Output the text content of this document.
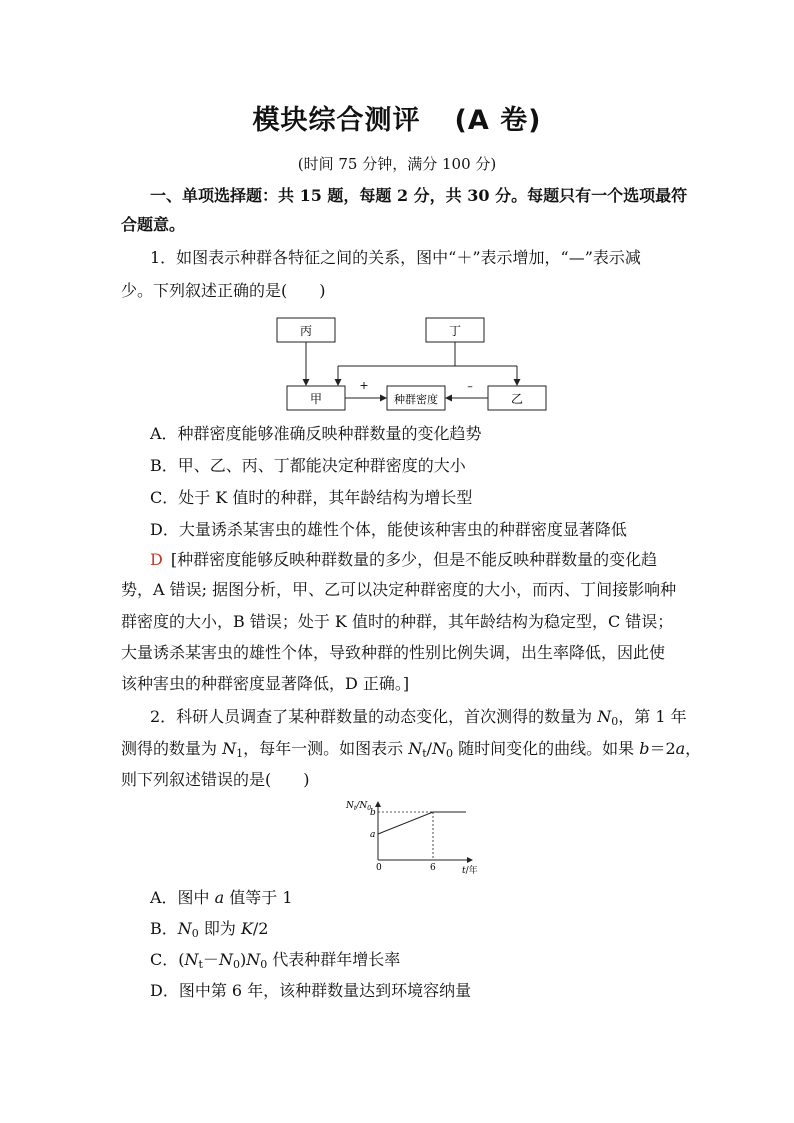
模块综合测评 (A 卷)
(时间 75 分钟，满分 100 分)
一、单项选择题：共 15 题，每题 2 分，共 30 分。每题只有一个选项最符
合题意。
1．如图表示种群各特征之间的关系，图中“＋”表示增加，“—”表示减
少。下列叙述正确的是(　　)
丙	丁
甲	种群密度	乙
+	–
A．种群密度能够准确反映种群数量的变化趋势
B．甲、乙、丙、丁都能决定种群密度的大小
C．处于 K 值时的种群，其年龄结构为增长型
D．大量诱杀某害虫的雄性个体，能使该种害虫的种群密度显著降低
D  [种群密度能够反映种群数量的多少，但是不能反映种群数量的变化趋
势，A 错误; 据图分析，甲、乙可以决定种群密度的大小，而丙、丁间接影响种
群密度的大小，B 错误；处于 K 值时的种群，其年龄结构为稳定型，C 错误；
大量诱杀某害虫的雄性个体，导致种群的性别比例失调，出生率降低，因此使
该种害虫的种群密度显著降低，D 正确。]
2．科研人员调查了某种群数量的动态变化，首次测得的数量为 $N_0$，第 1 年
测得的数量为 $N_1$，每年一测。如图表示 $N_t/N_0$ 随时间变化的曲线。如果 b＝2a，
则下列叙述错误的是(　　)
$N_t/N_0$
b
a
0	6	t/年
A．图中 a 值等于 1
B．$N_0$ 即为 K/2
C．$(N_t-N_0)N_0$ 代表种群年增长率
D．图中第 6 年，该种群数量达到环境容纳量
